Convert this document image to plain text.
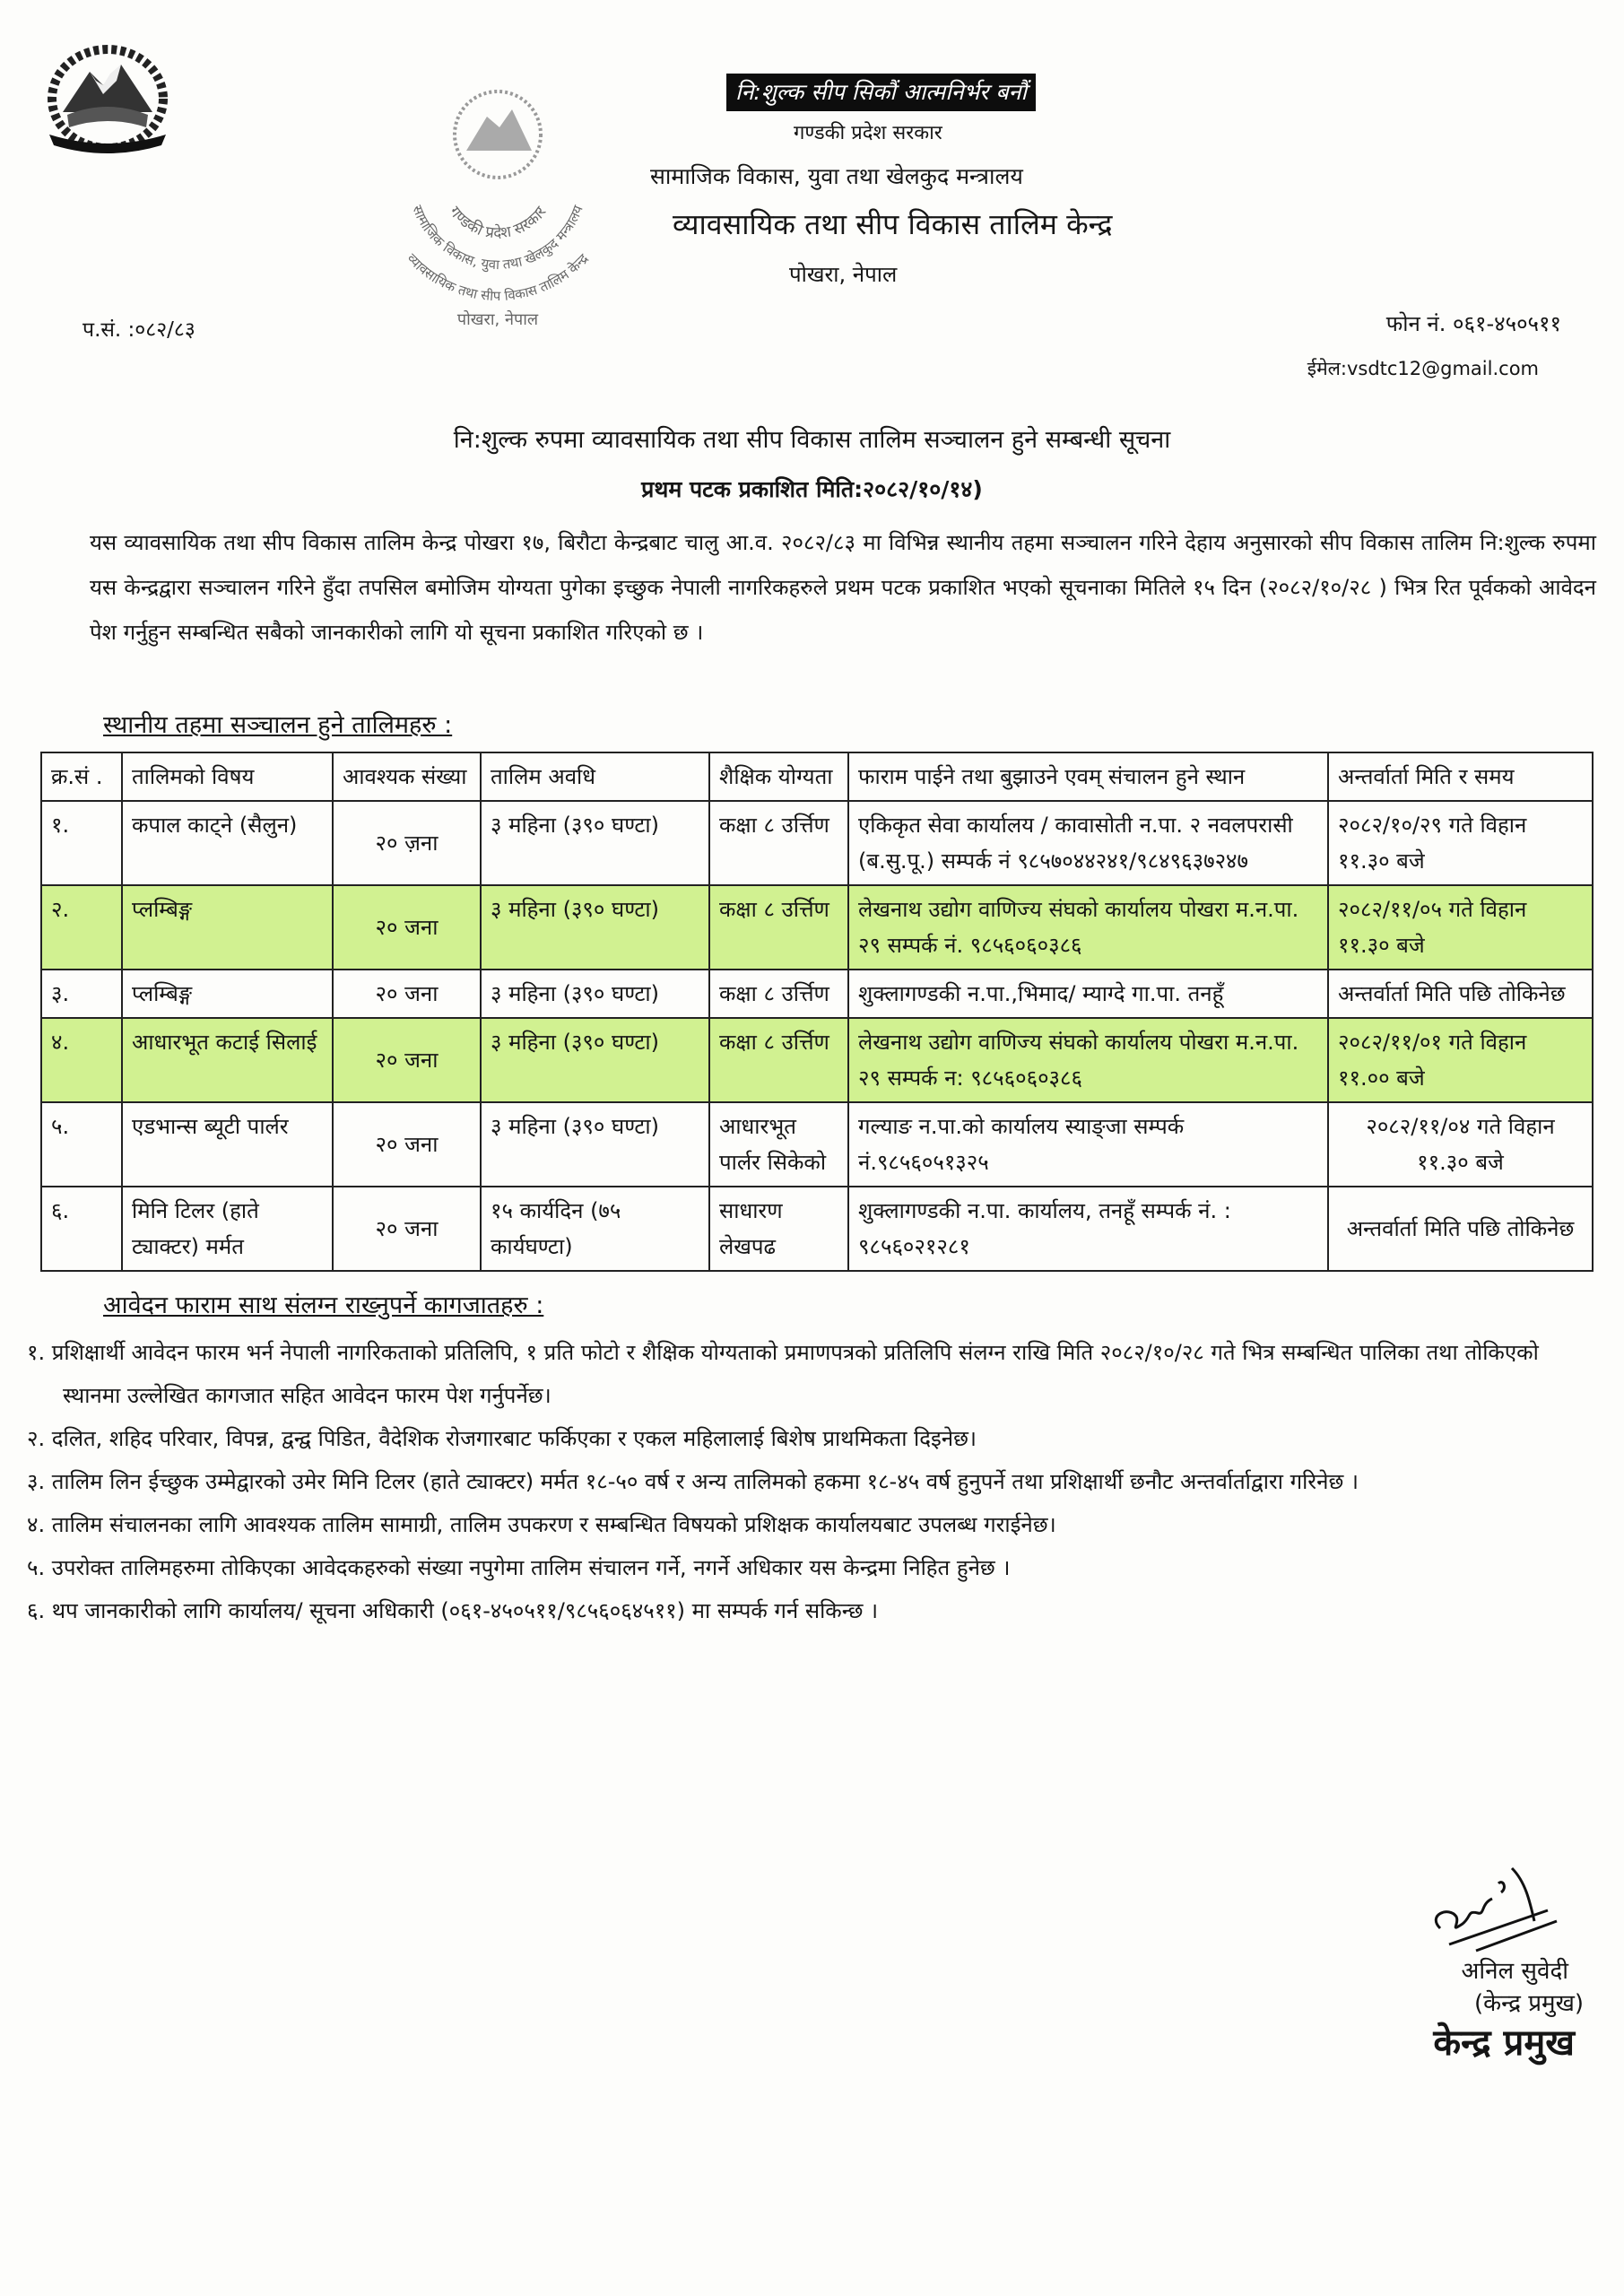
गण्डकी प्रदेश सरकार
सामाजिक विकास, युवा तथा खेलकुद मन्त्रालय
व्यावसायिक तथा सीप विकास तालिम केन्द्र
पोखरा, नेपाल
नि:शुल्क सीप सिकौं आत्मनिर्भर बनौं
गण्डकी प्रदेश सरकार
सामाजिक विकास, युवा तथा खेलकुद मन्त्रालय
व्यावसायिक तथा सीप विकास तालिम केन्द्र
पोखरा, नेपाल
प.सं. :०८२/८३	फोन नं. ०६१-४५०५११
ईमेल:vsdtc12@gmail.com
नि:शुल्क रुपमा व्यावसायिक तथा सीप विकास तालिम सञ्चालन हुने सम्बन्धी सूचना
प्रथम पटक प्रकाशित मिति:२०८२/१०/१४)
यस व्यावसायिक तथा सीप विकास तालिम केन्द्र पोखरा १७, बिरौटा केन्द्रबाट चालु आ.व. २०८२/८३ मा विभिन्न स्थानीय तहमा सञ्चालन गरिने देहाय अनुसारको सीप विकास तालिम नि:शुल्क रुपमा यस केन्द्रद्वारा सञ्चालन गरिने हुँदा तपसिल बमोजिम योग्यता पुगेका इच्छुक नेपाली नागरिकहरुले प्रथम पटक प्रकाशित भएको सूचनाका मितिले १५ दिन (२०८२/१०/२८ ) भित्र रित पूर्वकको आवेदन पेश गर्नुहुन सम्बन्धित सबैको जानकारीको लागि यो सूचना प्रकाशित गरिएको छ ।
स्थानीय तहमा सञ्चालन हुने तालिमहरु :
क्र.सं .	तालिमको विषय	आवश्यक संख्या	तालिम अवधि	शैक्षिक योग्यता	फाराम पाईने तथा बुझाउने एवम् संचालन हुने स्थान	अन्तर्वार्ता मिति र समय
१.	कपाल काट्ने (सैलुन)	२० ज़ना	३ महिना (३९० घण्टा)	कक्षा ८ उर्त्तिण	एकिकृत सेवा कार्यालय / कावासोती न.पा. २ नवलपरासी (ब.सु.पू.) सम्पर्क नं ९८५७०४४२४१/९८४९६३७२४७	२०८२/१०/२९ गते विहान ११.३० बजे
२.	प्लम्बिङ्ग	२० जना	३ महिना (३९० घण्टा)	कक्षा ८ उर्त्तिण	लेखनाथ उद्योग वाणिज्य संघको कार्यालय पोखरा म.न.पा. २९ सम्पर्क नं. ९८५६०६०३८६	२०८२/११/०५ गते विहान ११.३० बजे
३.	प्लम्बिङ्ग	२० जना	३ महिना (३९० घण्टा)	कक्षा ८ उर्त्तिण	शुक्लागण्डकी न.पा.,भिमाद/ म्याग्दे गा.पा. तनहूँ	अन्तर्वार्ता मिति पछि तोकिनेछ
४.	आधारभूत कटाई सिलाई	२० जना	३ महिना (३९० घण्टा)	कक्षा ८ उर्त्तिण	लेखनाथ उद्योग वाणिज्य संघको कार्यालय पोखरा म.न.पा. २९ सम्पर्क न: ९८५६०६०३८६	२०८२/११/०१ गते विहान ११.०० बजे
५.	एडभान्स ब्यूटी पार्लर	२० जना	३ महिना (३९० घण्टा)	आधारभूत पार्लर सिकेको	गल्याङ न.पा.को कार्यालय स्याङ्जा सम्पर्क नं.९८५६०५१३२५	२०८२/११/०४ गते विहान ११.३० बजे
६.	मिनि टिलर (हाते ट्याक्टर) मर्मत	२० जना	१५ कार्यदिन (७५ कार्यघण्टा)	साधारण लेखपढ	शुक्लागण्डकी न.पा. कार्यालय, तनहूँ सम्पर्क नं. : ९८५६०२१२८१	अन्तर्वार्ता मिति पछि तोकिनेछ
आवेदन फाराम साथ संलग्न राख्नुपर्ने कागजातहरु :
१. प्रशिक्षार्थी आवेदन फारम भर्न नेपाली नागरिकताको प्रतिलिपि, १ प्रति फोटो र शैक्षिक योग्यताको प्रमाणपत्रको प्रतिलिपि संलग्न राखि मिति २०८२/१०/२८ गते भित्र सम्बन्धित पालिका तथा तोकिएको स्थानमा उल्लेखित कागजात सहित आवेदन फारम पेश गर्नुपर्नेछ।
२. दलित, शहिद परिवार, विपन्न, द्वन्द्व पिडित, वैदेशिक रोजगारबाट फर्किएका र एकल महिलालाई बिशेष प्राथमिकता दिइनेछ।
३. तालिम लिन ईच्छुक उम्मेद्वारको उमेर मिनि टिलर (हाते ट्याक्टर) मर्मत १८-५० वर्ष र अन्य तालिमको हकमा १८-४५ वर्ष हुनुपर्ने तथा प्रशिक्षार्थी छनौट अन्तर्वार्ताद्वारा गरिनेछ ।
४. तालिम संचालनका लागि आवश्यक तालिम सामाग्री, तालिम उपकरण र सम्बन्धित विषयको प्रशिक्षक कार्यालयबाट उपलब्ध गराईनेछ।
५. उपरोक्त तालिमहरुमा तोकिएका आवेदकहरुको संख्या नपुगेमा तालिम संचालन गर्ने, नगर्ने अधिकार यस केन्द्रमा निहित हुनेछ ।
६. थप जानकारीको लागि कार्यालय/ सूचना अधिकारी (०६१-४५०५११/९८५६०६४५११) मा सम्पर्क गर्न सकिन्छ ।
अनिल सुवेदी
(केन्द्र प्रमुख)
केन्द्र प्रमुख
